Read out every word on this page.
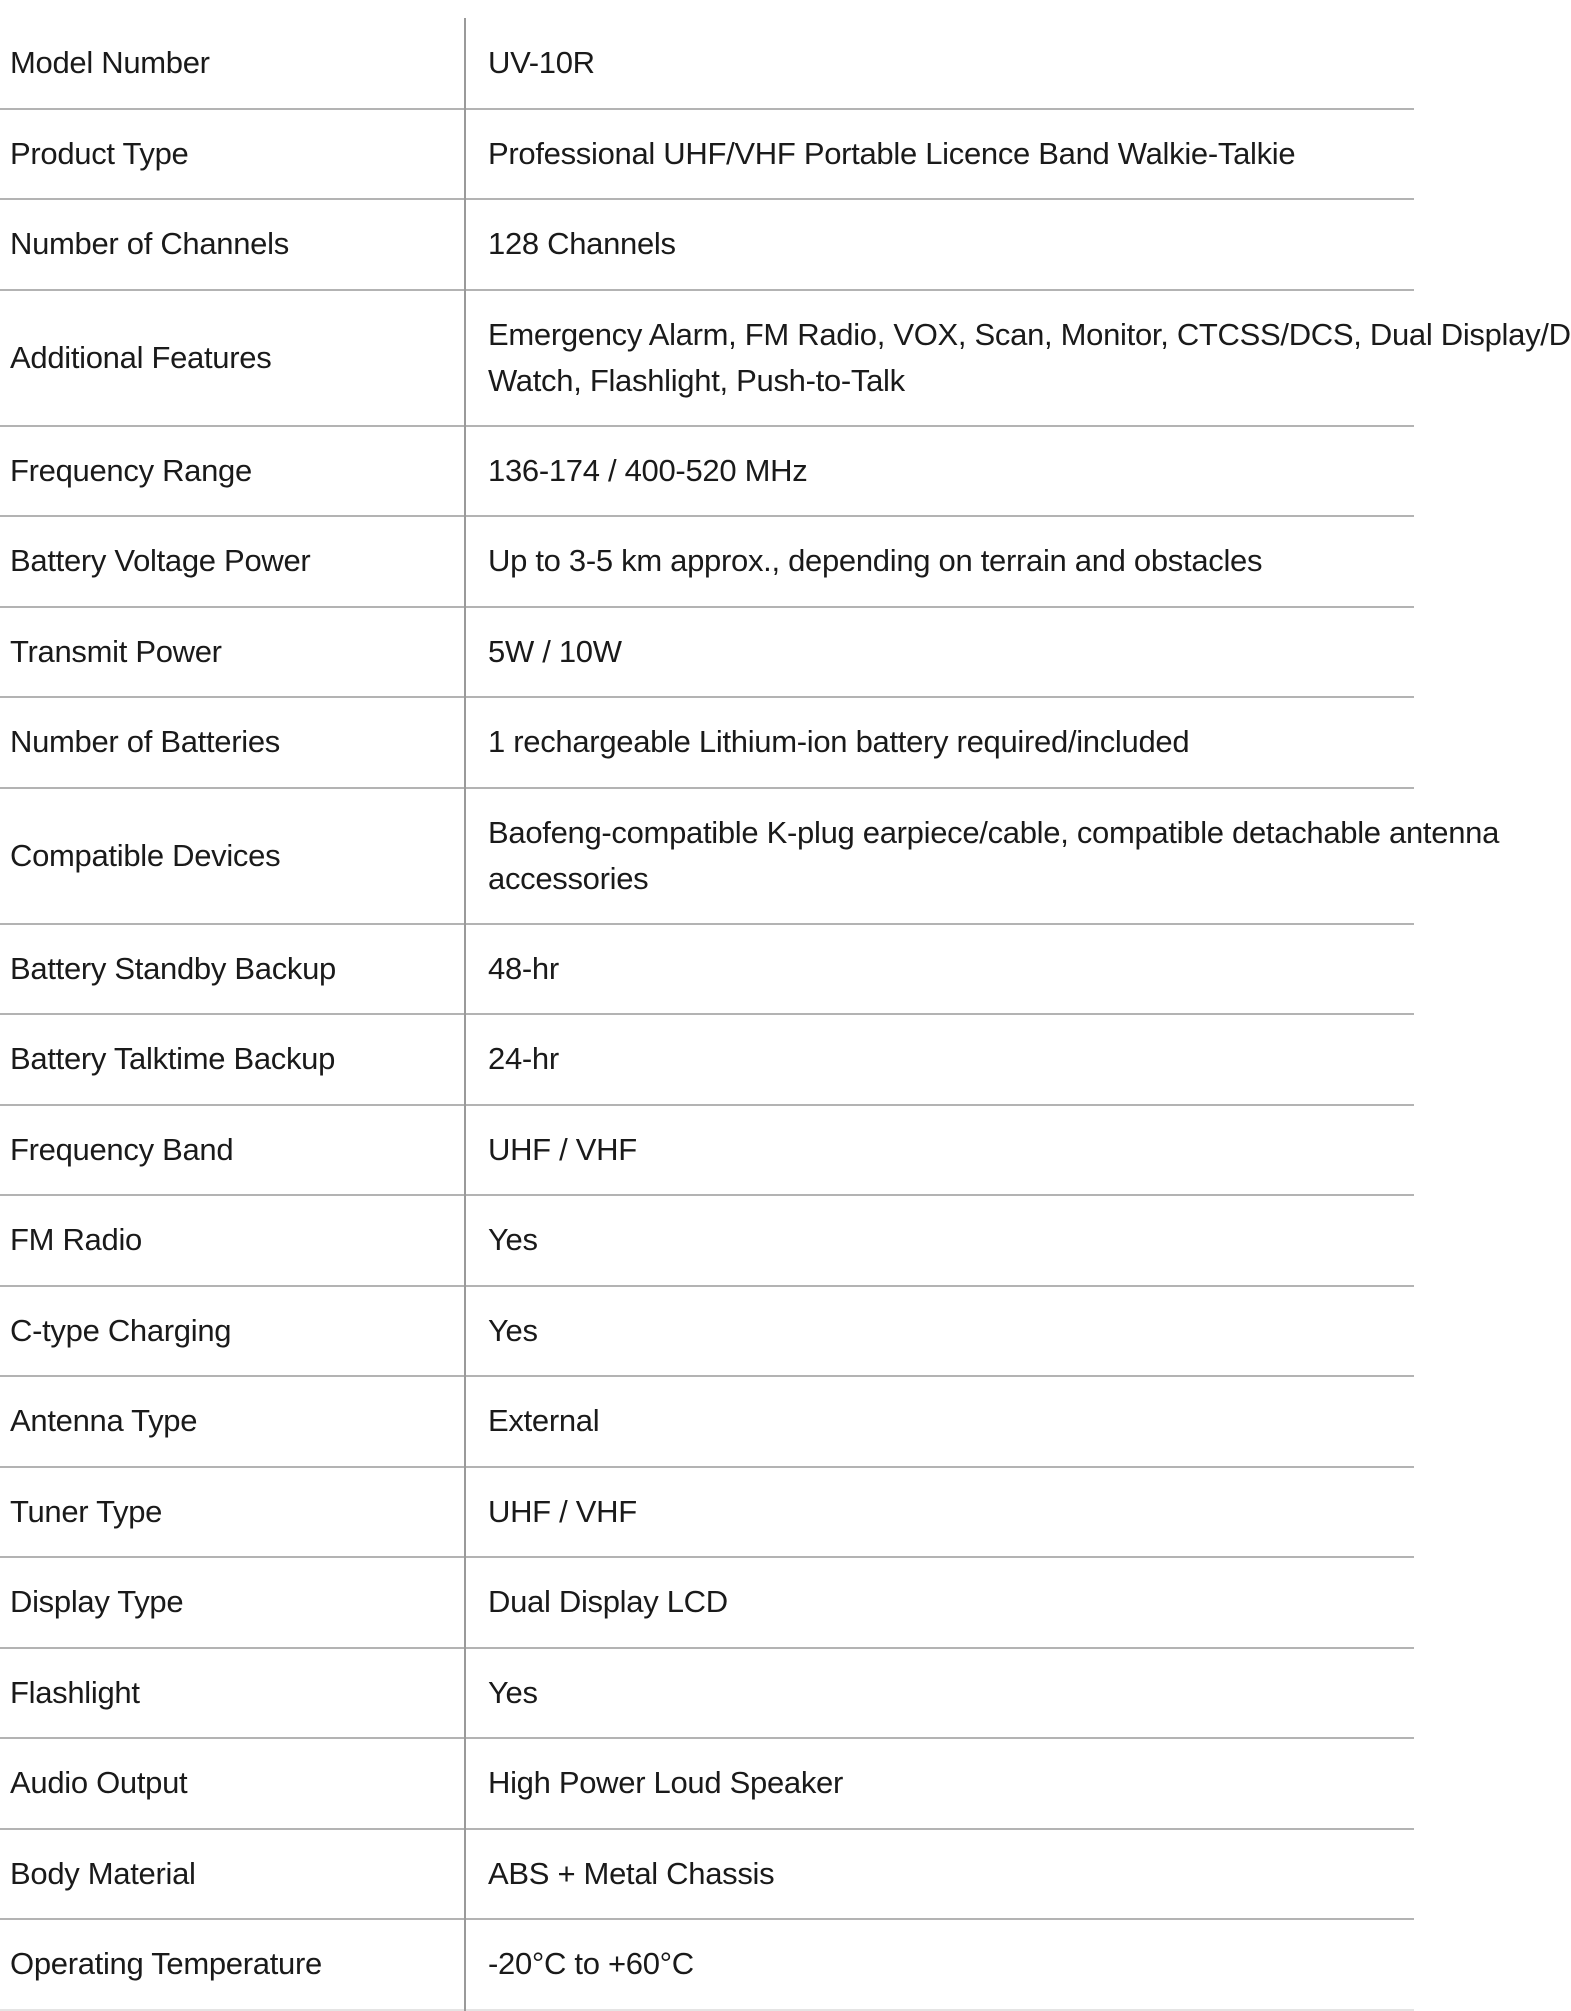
Model Number	UV-10R

Product Type	Professional UHF/VHF Portable Licence Band Walkie-Talkie

Number of Channels	128 Channels

Additional Features	Emergency Alarm, FM Radio, VOX, Scan, Monitor, CTCSS/DCS, Dual Display/D
Watch, Flashlight, Push-to-Talk

Frequency Range	136-174 / 400-520 MHz

Battery Voltage Power	Up to 3-5 km approx., depending on terrain and obstacles

Transmit Power	5W / 10W

Number of Batteries	1 rechargeable Lithium-ion battery required/included

Compatible Devices	Baofeng-compatible K-plug earpiece/cable, compatible detachable antenna
accessories

Battery Standby Backup	48-hr

Battery Talktime Backup	24-hr

Frequency Band	UHF / VHF

FM Radio	Yes

C-type Charging	Yes

Antenna Type	External

Tuner Type	UHF / VHF

Display Type	Dual Display LCD

Flashlight	Yes

Audio Output	High Power Loud Speaker

Body Material	ABS + Metal Chassis

Operating Temperature	-20°C to +60°C
